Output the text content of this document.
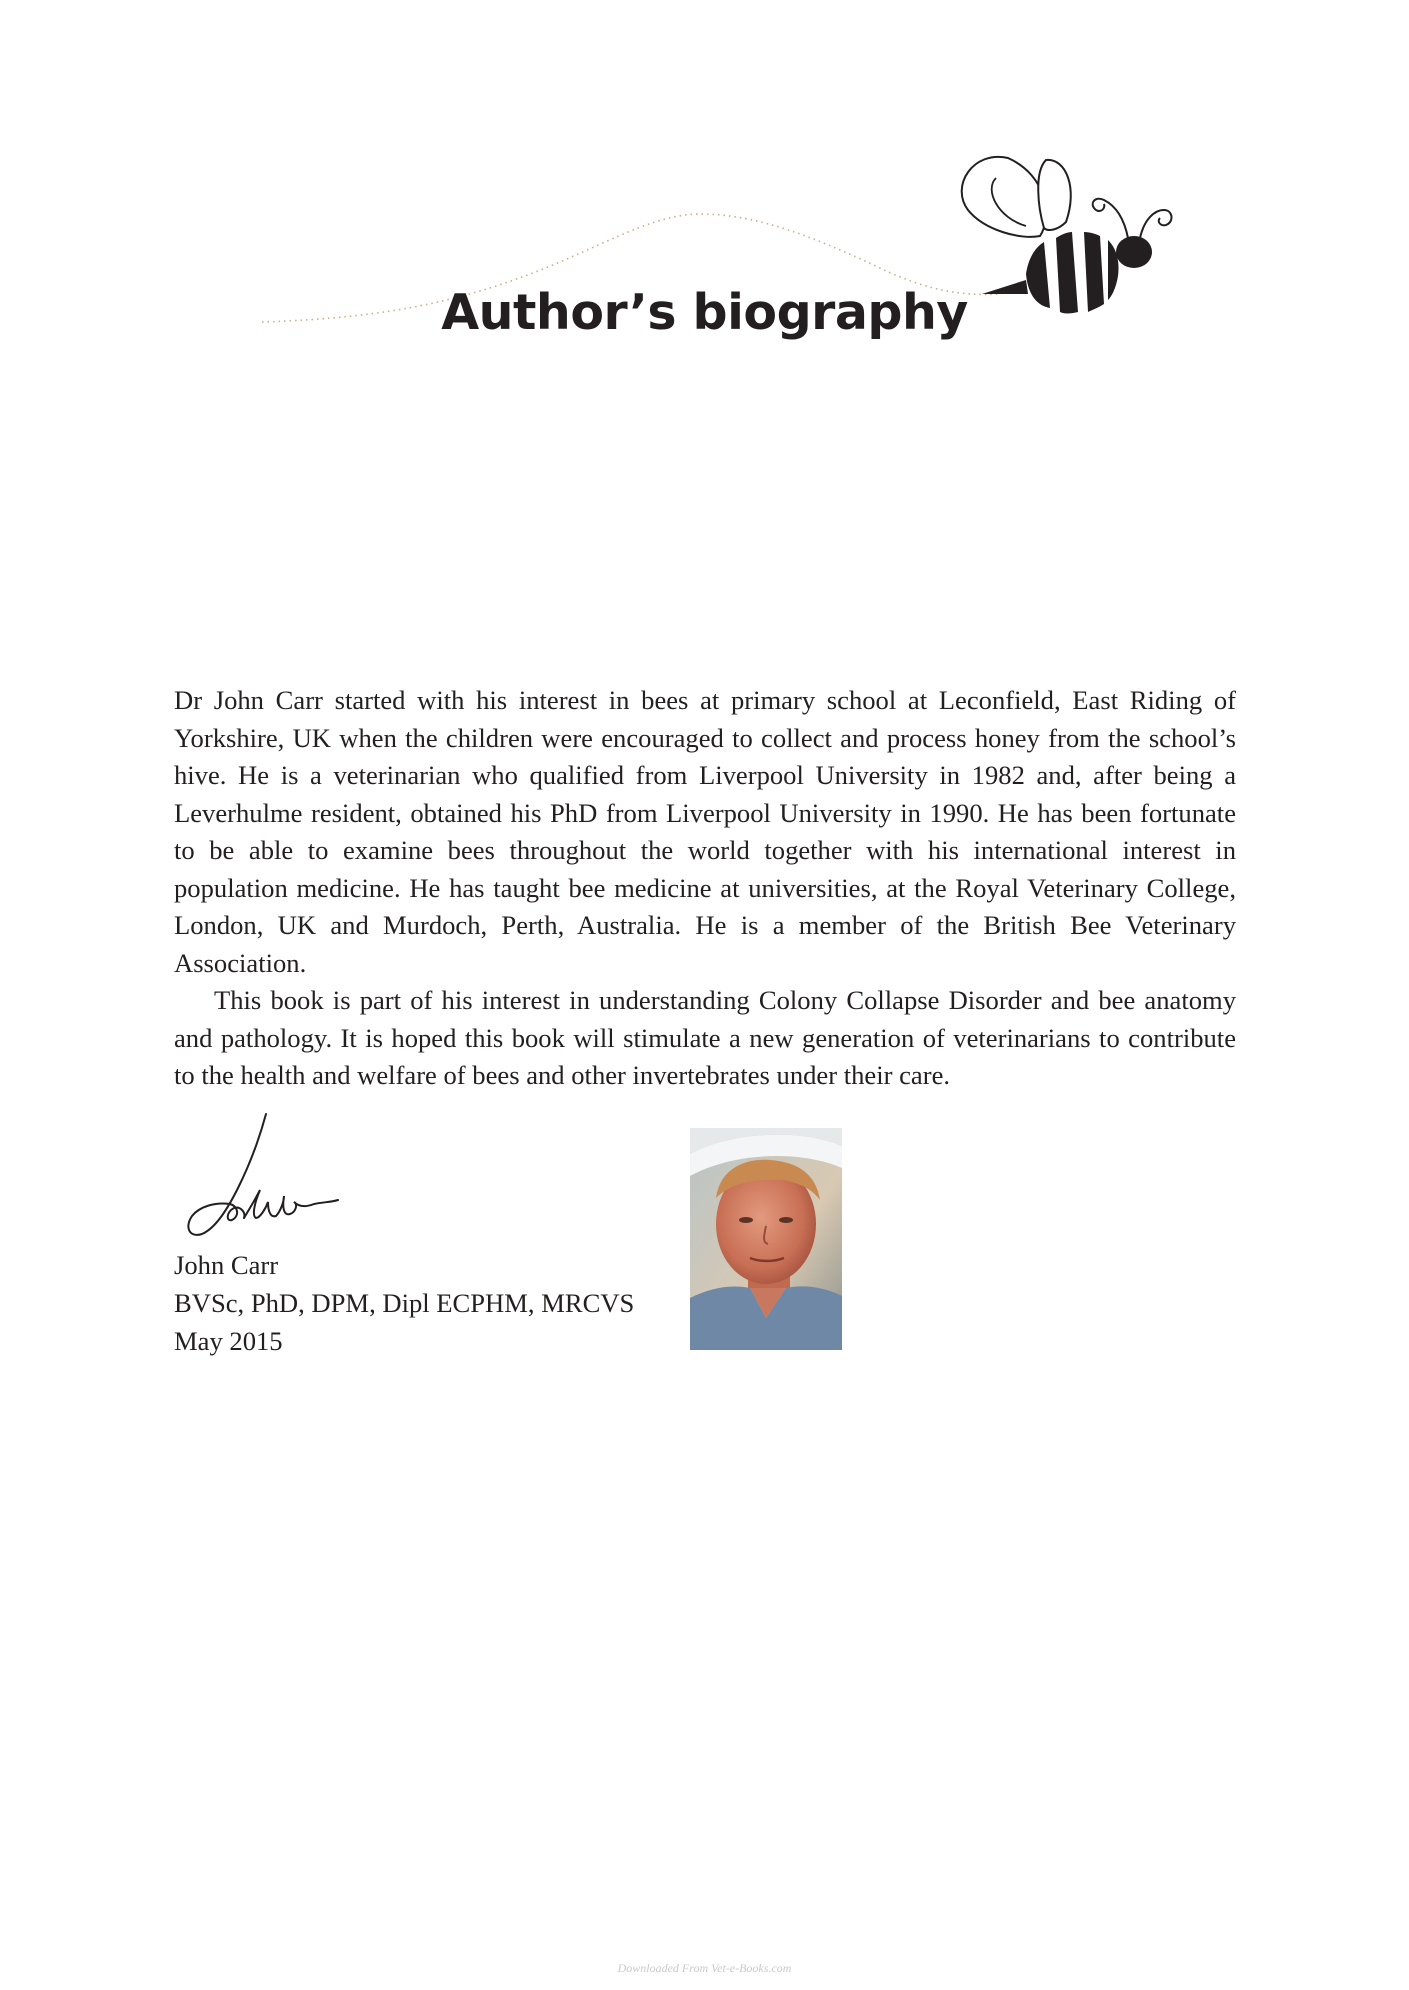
Author’s biography

Dr John Carr started with his interest in bees at primary school at Leconfield, East Riding of Yorkshire, UK when the children were encouraged to collect and process honey from the school’s hive. He is a veterinarian who qualified from Liverpool University in 1982 and, after being a Leverhulme resident, obtained his PhD from Liverpool University in 1990. He has been fortunate to be able to examine bees throughout the world together with his international interest in population medicine. He has taught bee medicine at universities, at the Royal Veterinary College, London, UK and Murdoch, Perth, Australia. He is a member of the British Bee Veterinary Association.

This book is part of his interest in understanding Colony Collapse Disorder and bee anatomy and pathology. It is hoped this book will stimulate a new generation of veterinarians to contribute to the health and welfare of bees and other invertebrates under their care.

John Carr
BVSc, PhD, DPM, Dipl ECPHM, MRCVS
May 2015
Downloaded From Vet-e-Books.com
